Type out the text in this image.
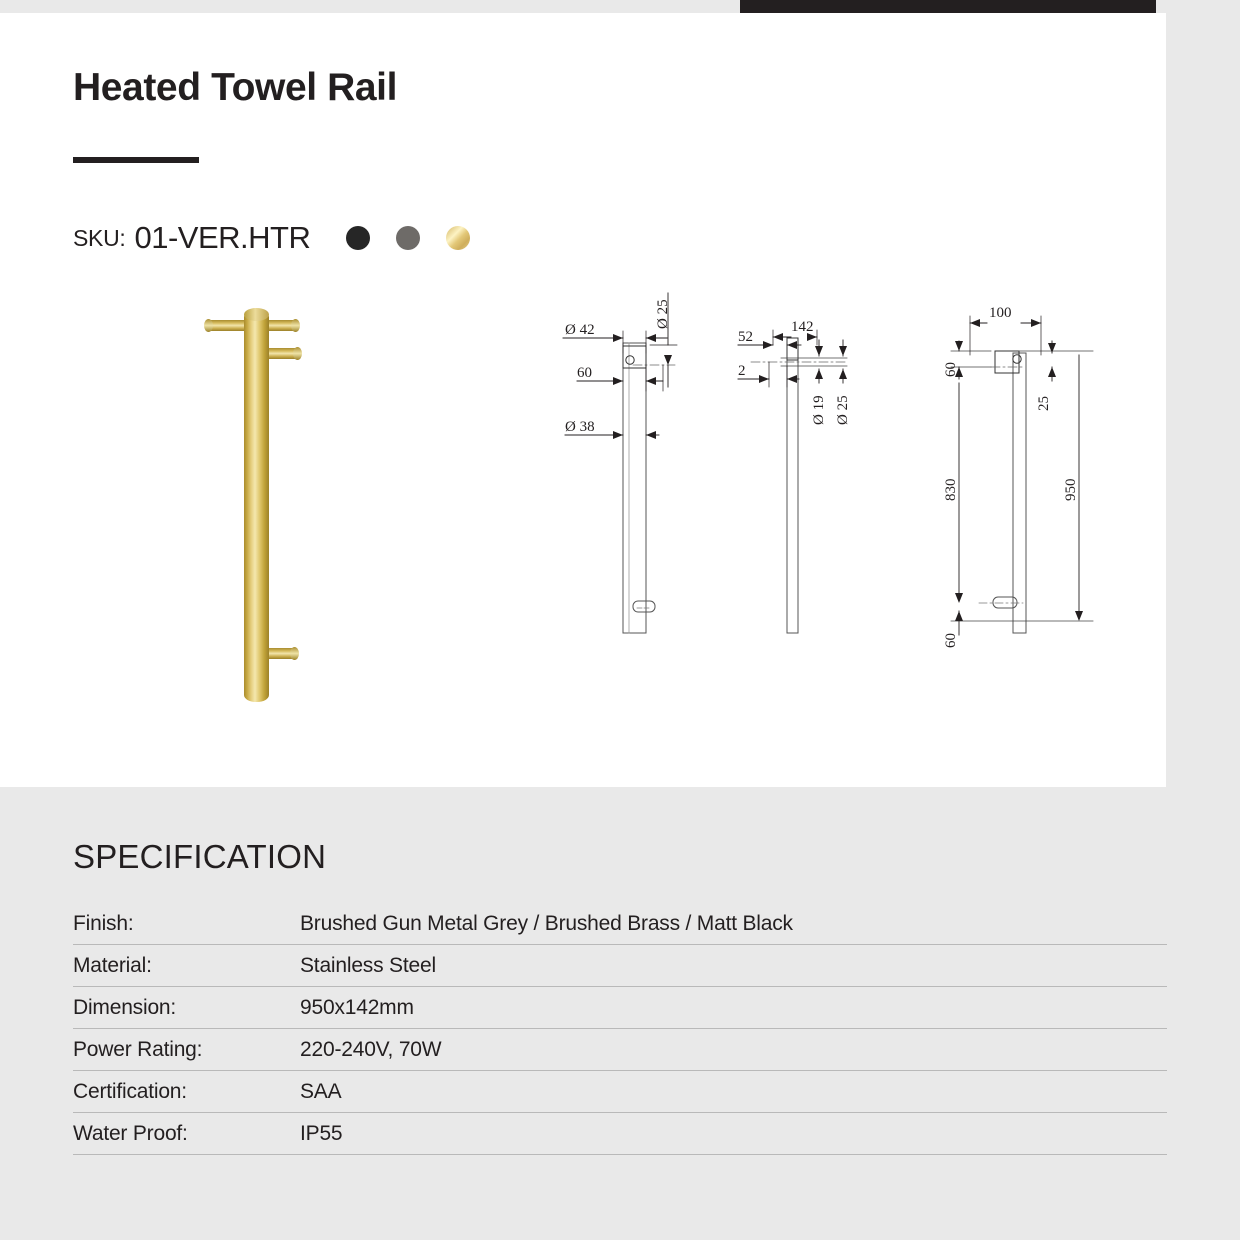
Heated Towel Rail
SKU: 01-VER.HTR
Ø 42
Ø 25
60
Ø 38
142
52
2
Ø 19 Ø 25
100
60
25
830
60
950
SPECIFICATION
Finish:	Brushed Gun Metal Grey / Brushed Brass / Matt Black
Material:	Stainless Steel
Dimension:	950x142mm
Power Rating:	220-240V, 70W
Certification:	SAA
Water Proof:	IP55
